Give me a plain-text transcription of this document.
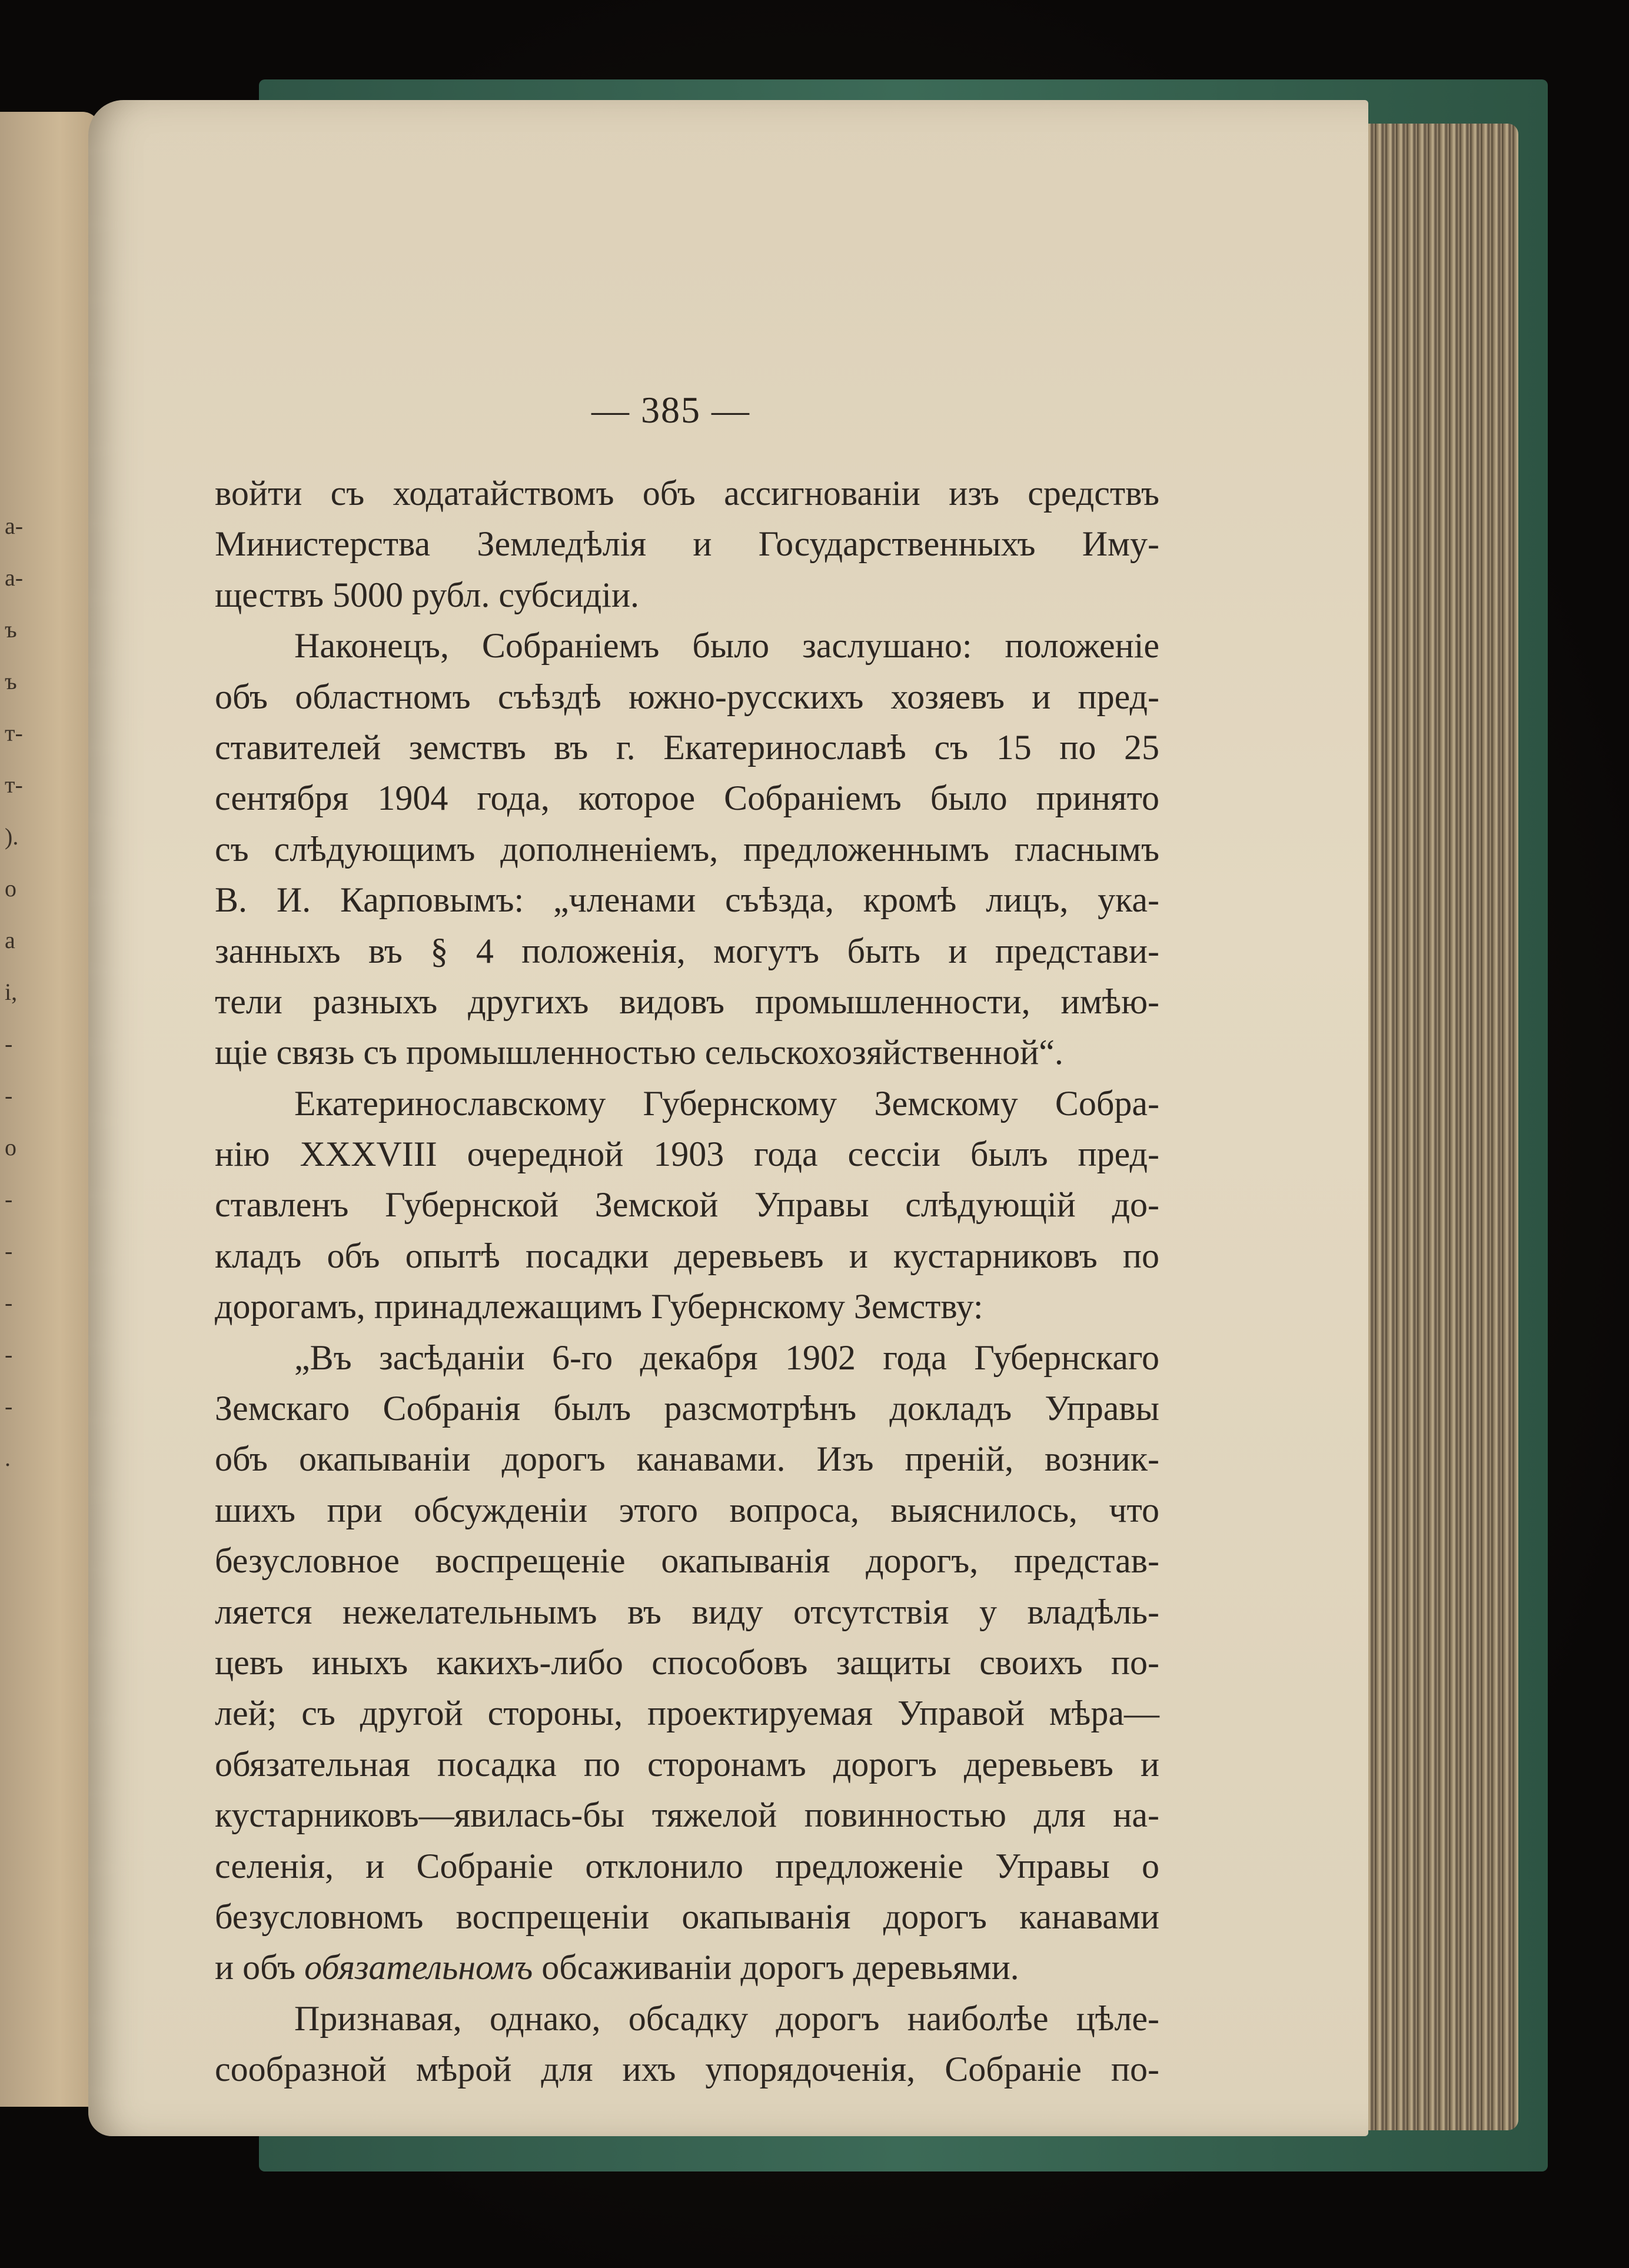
a-
a-
ъ
ъ
т-
т-
).
о
а
і,
-
-
о
-
-
-
-
-
.
— 385 —
войти съ ходатайствомъ объ ассигнованіи изъ средствъ
Министерства Земледѣлія и Государственныхъ Иму-
ществъ 5000 рубл. субсидіи.
Наконецъ, Собраніемъ было заслушано: положеніе
объ областномъ съѣздѣ южно-русскихъ хозяевъ и пред-
ставителей земствъ въ г. Екатеринославѣ съ 15 по 25
сентября 1904 года, которое Собраніемъ было принято
съ слѣдующимъ дополненіемъ, предложеннымъ гласнымъ
В. И. Карповымъ: „членами съѣзда, кромѣ лицъ, ука-
занныхъ въ § 4 положенія, могутъ быть и представи-
тели разныхъ другихъ видовъ промышленности, имѣю-
щіе связь съ промышленностью сельскохозяйственной“.
Екатеринославскому Губернскому Земскому Собра-
нію XXXVIII очередной 1903 года сессіи былъ пред-
ставленъ Губернской Земской Управы слѣдующій до-
кладъ объ опытѣ посадки деревьевъ и кустарниковъ по
дорогамъ, принадлежащимъ Губернскому Земству:
„Въ засѣданіи 6-го декабря 1902 года Губернскаго
Земскаго Собранія былъ разсмотрѣнъ докладъ Управы
объ окапываніи дорогъ канавами. Изъ преній, возник-
шихъ при обсужденіи этого вопроса, выяснилось, что
безусловное воспрещеніе окапыванія дорогъ, представ-
ляется нежелательнымъ въ виду отсутствія у владѣль-
цевъ иныхъ какихъ-либо способовъ защиты своихъ по-
лей; съ другой стороны, проектируемая Управой мѣра—
обязательная посадка по сторонамъ дорогъ деревьевъ и
кустарниковъ—явилась-бы тяжелой повинностью для на-
селенія, и Собраніе отклонило предложеніе Управы о
безусловномъ воспрещеніи окапыванія дорогъ канавами
и объ обязательномъ обсаживаніи дорогъ деревьями.
Признавая, однако, обсадку дорогъ наиболѣе цѣле-
сообразной мѣрой для ихъ упорядоченія, Собраніе по-
